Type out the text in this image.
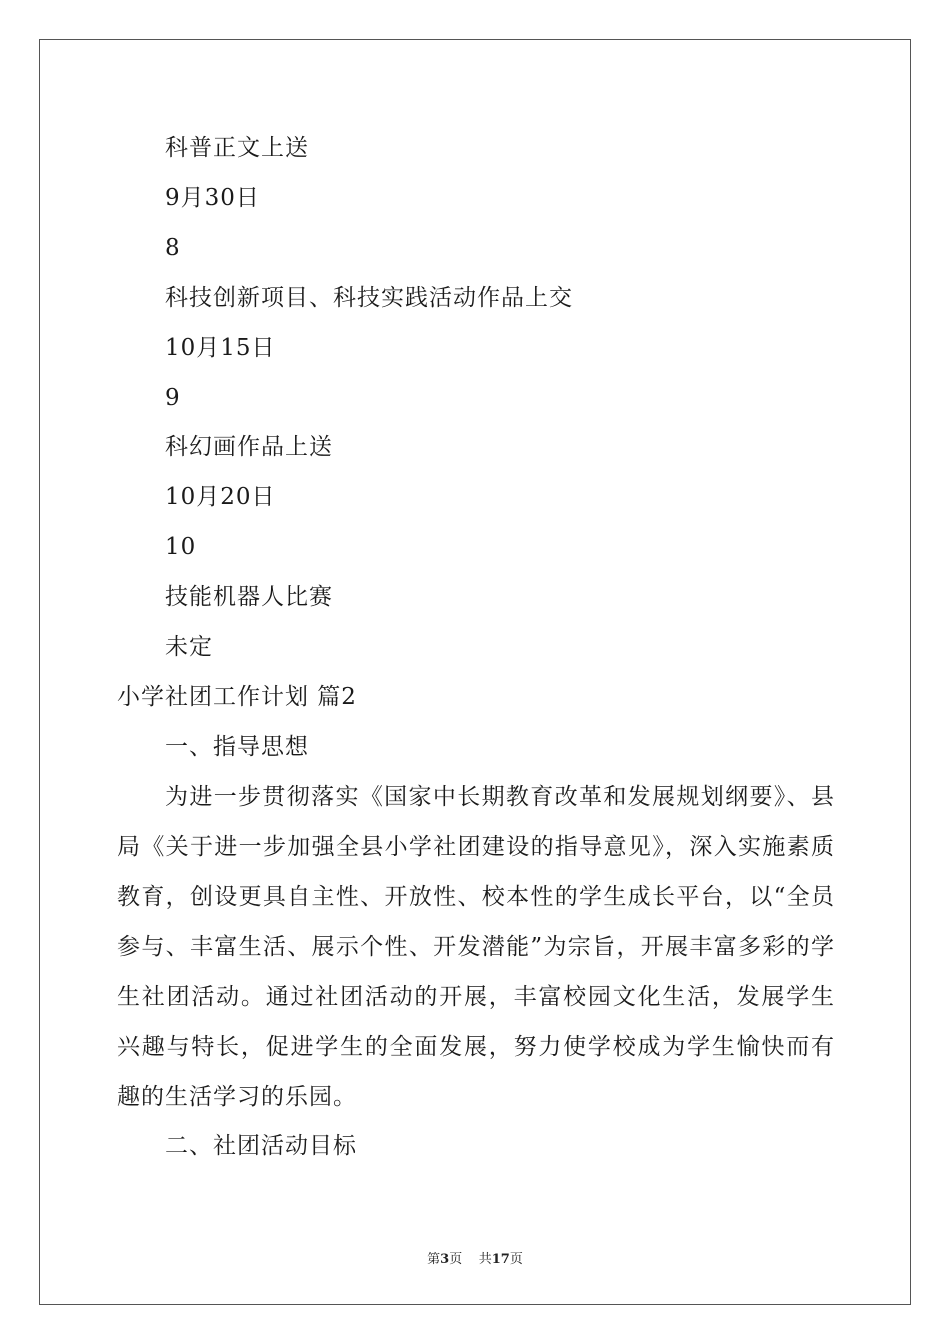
科普正文上送
9月30日
8
科技创新项目、科技实践活动作品上交
10月15日
9
科幻画作品上送
10月20日
10
技能机器人比赛
未定
小学社团工作计划 篇2
一、指导思想
为进一步贯彻落实《国家中长期教育改革和发展规划纲要》、县局《关于进一步加强全县小学社团建设的指导意见》，深入实施素质教育，创设更具自主性、开放性、校本性的学生成长平台，以“全员参与、丰富生活、展示个性、开发潜能”为宗旨，开展丰富多彩的学生社团活动。通过社团活动的开展，丰富校园文化生活，发展学生兴趣与特长，促进学生的全面发展，努力使学校成为学生愉快而有趣的生活学习的乐园。
二、社团活动目标
第3页 共17页
